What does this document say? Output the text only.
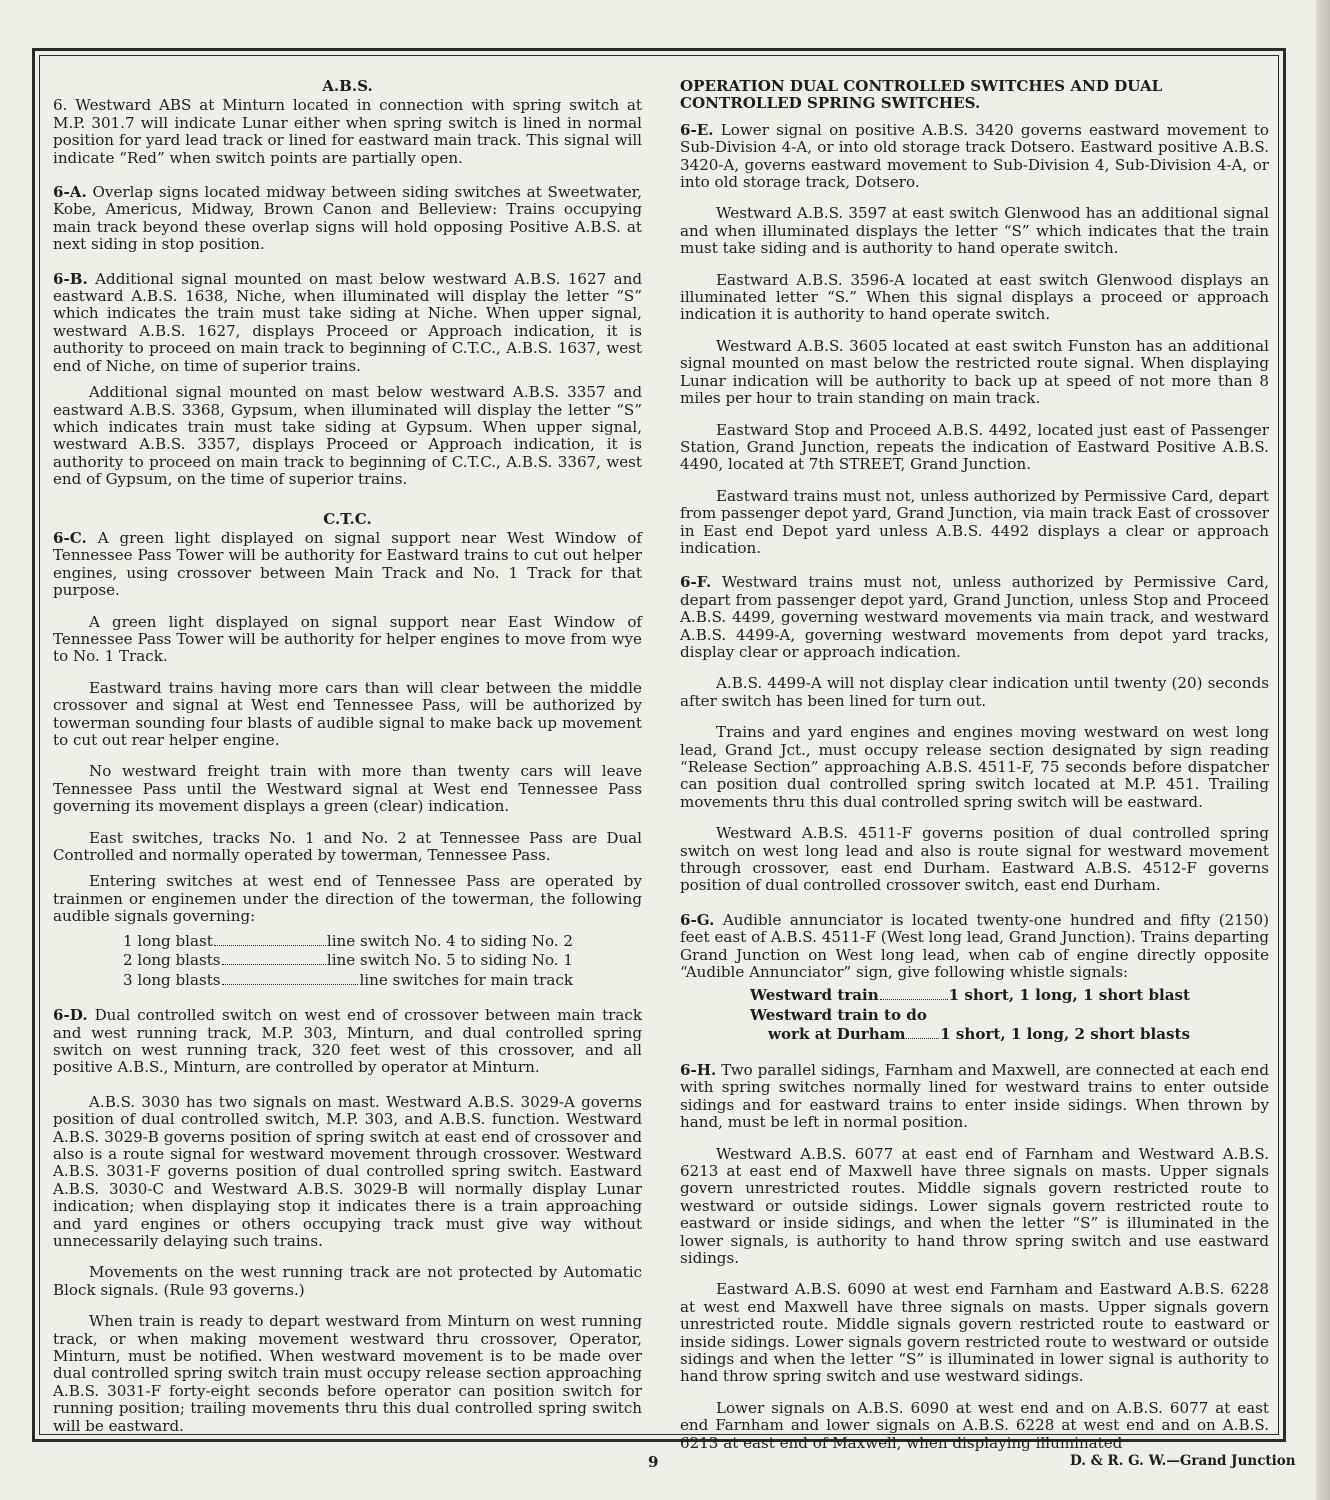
A.B.S.

6. Westward ABS at Minturn located in connection with spring switch at M.P. 301.7 will indicate Lunar either when spring switch is lined in normal position for yard lead track or lined for eastward main track. This signal will indicate “Red” when switch points are partially open.

6-A. Overlap signs located midway between siding switches at Sweetwater, Kobe, Americus, Midway, Brown Canon and Belleview: Trains occupying main track beyond these overlap signs will hold opposing Positive A.B.S. at next siding in stop position.

6-B. Additional signal mounted on mast below westward A.B.S. 1627 and eastward A.B.S. 1638, Niche, when illuminated will display the letter “S” which indicates the train must take siding at Niche. When upper signal, westward A.B.S. 1627, displays Proceed or Approach indication, it is authority to proceed on main track to beginning of C.T.C., A.B.S. 1637, west end of Niche, on time of superior trains.

Additional signal mounted on mast below westward A.B.S. 3357 and eastward A.B.S. 3368, Gypsum, when illuminated will display the letter “S” which indicates train must take siding at Gypsum. When upper signal, westward A.B.S. 3357, displays Proceed or Approach indication, it is authority to proceed on main track to beginning of C.T.C., A.B.S. 3367, west end of Gypsum, on the time of superior trains.

C.T.C.

6-C. A green light displayed on signal support near West Window of Tennessee Pass Tower will be authority for Eastward trains to cut out helper engines, using crossover between Main Track and No. 1 Track for that purpose.

A green light displayed on signal support near East Window of Tennessee Pass Tower will be authority for helper engines to move from wye to No. 1 Track.

Eastward trains having more cars than will clear between the middle crossover and signal at West end Tennessee Pass, will be authorized by towerman sounding four blasts of audible signal to make back up movement to cut out rear helper engine.

No westward freight train with more than twenty cars will leave Tennessee Pass until the Westward signal at West end Tennessee Pass governing its movement displays a green (clear) indication.

East switches, tracks No. 1 and No. 2 at Tennessee Pass are Dual Controlled and normally operated by towerman, Tennessee Pass.

Entering switches at west end of Tennessee Pass are operated by trainmen or enginemen under the direction of the towerman, the following audible signals governing:

1 long blast	line switch No. 4 to siding No. 2
2 long blasts	line switch No. 5 to siding No. 1
3 long blasts	line switches for main track

6-D. Dual controlled switch on west end of crossover between main track and west running track, M.P. 303, Minturn, and dual controlled spring switch on west running track, 320 feet west of this crossover, and all positive A.B.S., Minturn, are controlled by operator at Minturn.

A.B.S. 3030 has two signals on mast. Westward A.B.S. 3029-A governs position of dual controlled switch, M.P. 303, and A.B.S. function. Westward A.B.S. 3029-B governs position of spring switch at east end of crossover and also is a route signal for westward movement through crossover. Westward A.B.S. 3031-F governs position of dual controlled spring switch. Eastward A.B.S. 3030-C and Westward A.B.S. 3029-B will normally display Lunar indication; when displaying stop it indicates there is a train approaching and yard engines or others occupying track must give way without unnecessarily delaying such trains.

Movements on the west running track are not protected by Automatic Block signals. (Rule 93 governs.)

When train is ready to depart westward from Minturn on west running track, or when making movement westward thru crossover, Operator, Minturn, must be notified. When westward movement is to be made over dual controlled spring switch train must occupy release section approaching A.B.S. 3031-F forty-eight seconds before operator can position switch for running position; trailing movements thru this dual controlled spring switch will be eastward.

OPERATION DUAL CONTROLLED SWITCHES AND DUAL CONTROLLED SPRING SWITCHES.

6-E. Lower signal on positive A.B.S. 3420 governs eastward movement to Sub-Division 4-A, or into old storage track Dotsero. Eastward positive A.B.S. 3420-A, governs eastward movement to Sub-Division 4, Sub-Division 4-A, or into old storage track, Dotsero.

Westward A.B.S. 3597 at east switch Glenwood has an additional signal and when illuminated displays the letter “S” which indicates that the train must take siding and is authority to hand operate switch.

Eastward A.B.S. 3596-A located at east switch Glenwood displays an illuminated letter “S.” When this signal displays a proceed or approach indication it is authority to hand operate switch.

Westward A.B.S. 3605 located at east switch Funston has an additional signal mounted on mast below the restricted route signal. When displaying Lunar indication will be authority to back up at speed of not more than 8 miles per hour to train standing on main track.

Eastward Stop and Proceed A.B.S. 4492, located just east of Passenger Station, Grand Junction, repeats the indication of Eastward Positive A.B.S. 4490, located at 7th STREET, Grand Junction.

Eastward trains must not, unless authorized by Permissive Card, depart from passenger depot yard, Grand Junction, via main track East of crossover in East end Depot yard unless A.B.S. 4492 displays a clear or approach indication.

6-F. Westward trains must not, unless authorized by Permissive Card, depart from passenger depot yard, Grand Junction, unless Stop and Proceed A.B.S. 4499, governing westward movements via main track, and westward A.B.S. 4499-A, governing westward movements from depot yard tracks, display clear or approach indication.

A.B.S. 4499-A will not display clear indication until twenty (20) seconds after switch has been lined for turn out.

Trains and yard engines and engines moving westward on west long lead, Grand Jct., must occupy release section designated by sign reading “Release Section” approaching A.B.S. 4511-F, 75 seconds before dispatcher can position dual controlled spring switch located at M.P. 451. Trailing movements thru this dual controlled spring switch will be eastward.

Westward A.B.S. 4511-F governs position of dual controlled spring switch on west long lead and also is route signal for westward movement through crossover, east end Durham. Eastward A.B.S. 4512-F governs position of dual controlled crossover switch, east end Durham.

6-G. Audible annunciator is located twenty-one hundred and fifty (2150) feet east of A.B.S. 4511-F (West long lead, Grand Junction). Trains departing Grand Junction on West long lead, when cab of engine directly opposite “Audible Annunciator” sign, give following whistle signals:

Westward train	1 short, 1 long, 1 short blast
Westward train to do
work at Durham 1 short, 1 long, 2 short blasts

6-H. Two parallel sidings, Farnham and Maxwell, are connected at each end with spring switches normally lined for westward trains to enter outside sidings and for eastward trains to enter inside sidings. When thrown by hand, must be left in normal position.

Westward A.B.S. 6077 at east end of Farnham and Westward A.B.S. 6213 at east end of Maxwell have three signals on masts. Upper signals govern unrestricted routes. Middle signals govern restricted route to westward or outside sidings. Lower signals govern restricted route to eastward or inside sidings, and when the letter “S” is illuminated in the lower signals, is authority to hand throw spring switch and use eastward sidings.

Eastward A.B.S. 6090 at west end Farnham and Eastward A.B.S. 6228 at west end Maxwell have three signals on masts. Upper signals govern unrestricted route. Middle signals govern restricted route to eastward or inside sidings. Lower signals govern restricted route to westward or outside sidings and when the letter “S” is illuminated in lower signal is authority to hand throw spring switch and use westward sidings.

Lower signals on A.B.S. 6090 at west end and on A.B.S. 6077 at east end Farnham and lower signals on A.B.S. 6228 at west end and on A.B.S. 6213 at east end of Maxwell, when displaying illuminated

9	D. & R. G. W.—Grand Junction
